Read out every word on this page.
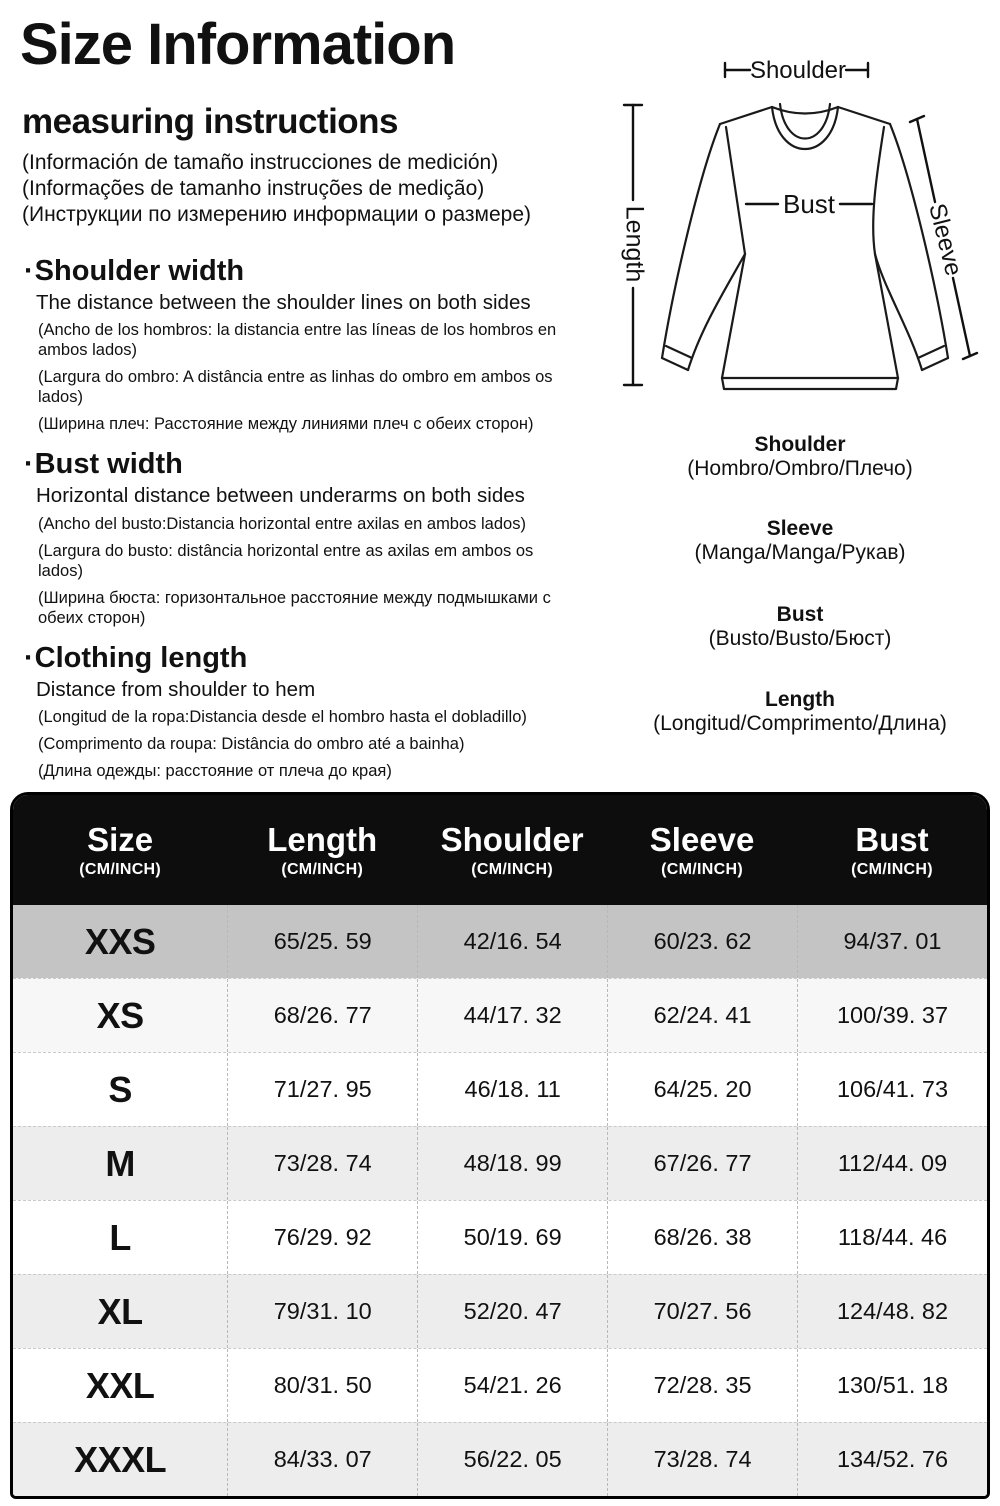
Size Information
measuring instructions
(Información de tamaño instrucciones de medición)
(Informações de tamanho instruções de medição)
(Инструкции по измерению информации о размере)
·Shoulder width
The distance between the shoulder lines on both sides

(Ancho de los hombros: la distancia entre las líneas de los hombros en ambos lados)

(Largura do ombro: A distância entre as linhas do ombro em ambos os lados)

(Ширина плеч: Расстояние между линиями плеч с обеих сторон)

·Bust width
Horizontal distance between underarms on both sides

(Ancho del busto:Distancia horizontal entre axilas en ambos lados)

(Largura do busto: distância horizontal entre as axilas em ambos os lados)

(Ширина бюста: горизонтальное расстояние между подмышками с обеих сторон)

·Clothing length
Distance from shoulder to hem

(Longitud de la ropa:Distancia desde el hombro hasta el dobladillo)

(Comprimento da roupa: Distância do ombro até a bainha)

(Длина одежды: расстояние от плеча до края)

Shoulder
Length
Bust	Sleeve
Shoulder
(Hombro/Ombro/Плечо)
Sleeve
(Manga/Manga/Рукав)
Bust
(Busto/Busto/Бюст)
Length
(Longitud/Comprimento/Длина)
Size
(CM/INCH)
Length
(CM/INCH)
Shoulder
(CM/INCH)
Sleeve
(CM/INCH)
Bust
(CM/INCH)
XXS	65/25. 59	42/16. 54	60/23. 62	94/37. 01
XS	68/26. 77	44/17. 32	62/24. 41	100/39. 37
S	71/27. 95	46/18. 11	64/25. 20	106/41. 73
M	73/28. 74	48/18. 99	67/26. 77	112/44. 09
L	76/29. 92	50/19. 69	68/26. 38	118/44. 46
XL	79/31. 10	52/20. 47	70/27. 56	124/48. 82
XXL	80/31. 50	54/21. 26	72/28. 35	130/51. 18
XXXL	84/33. 07	56/22. 05	73/28. 74	134/52. 76
